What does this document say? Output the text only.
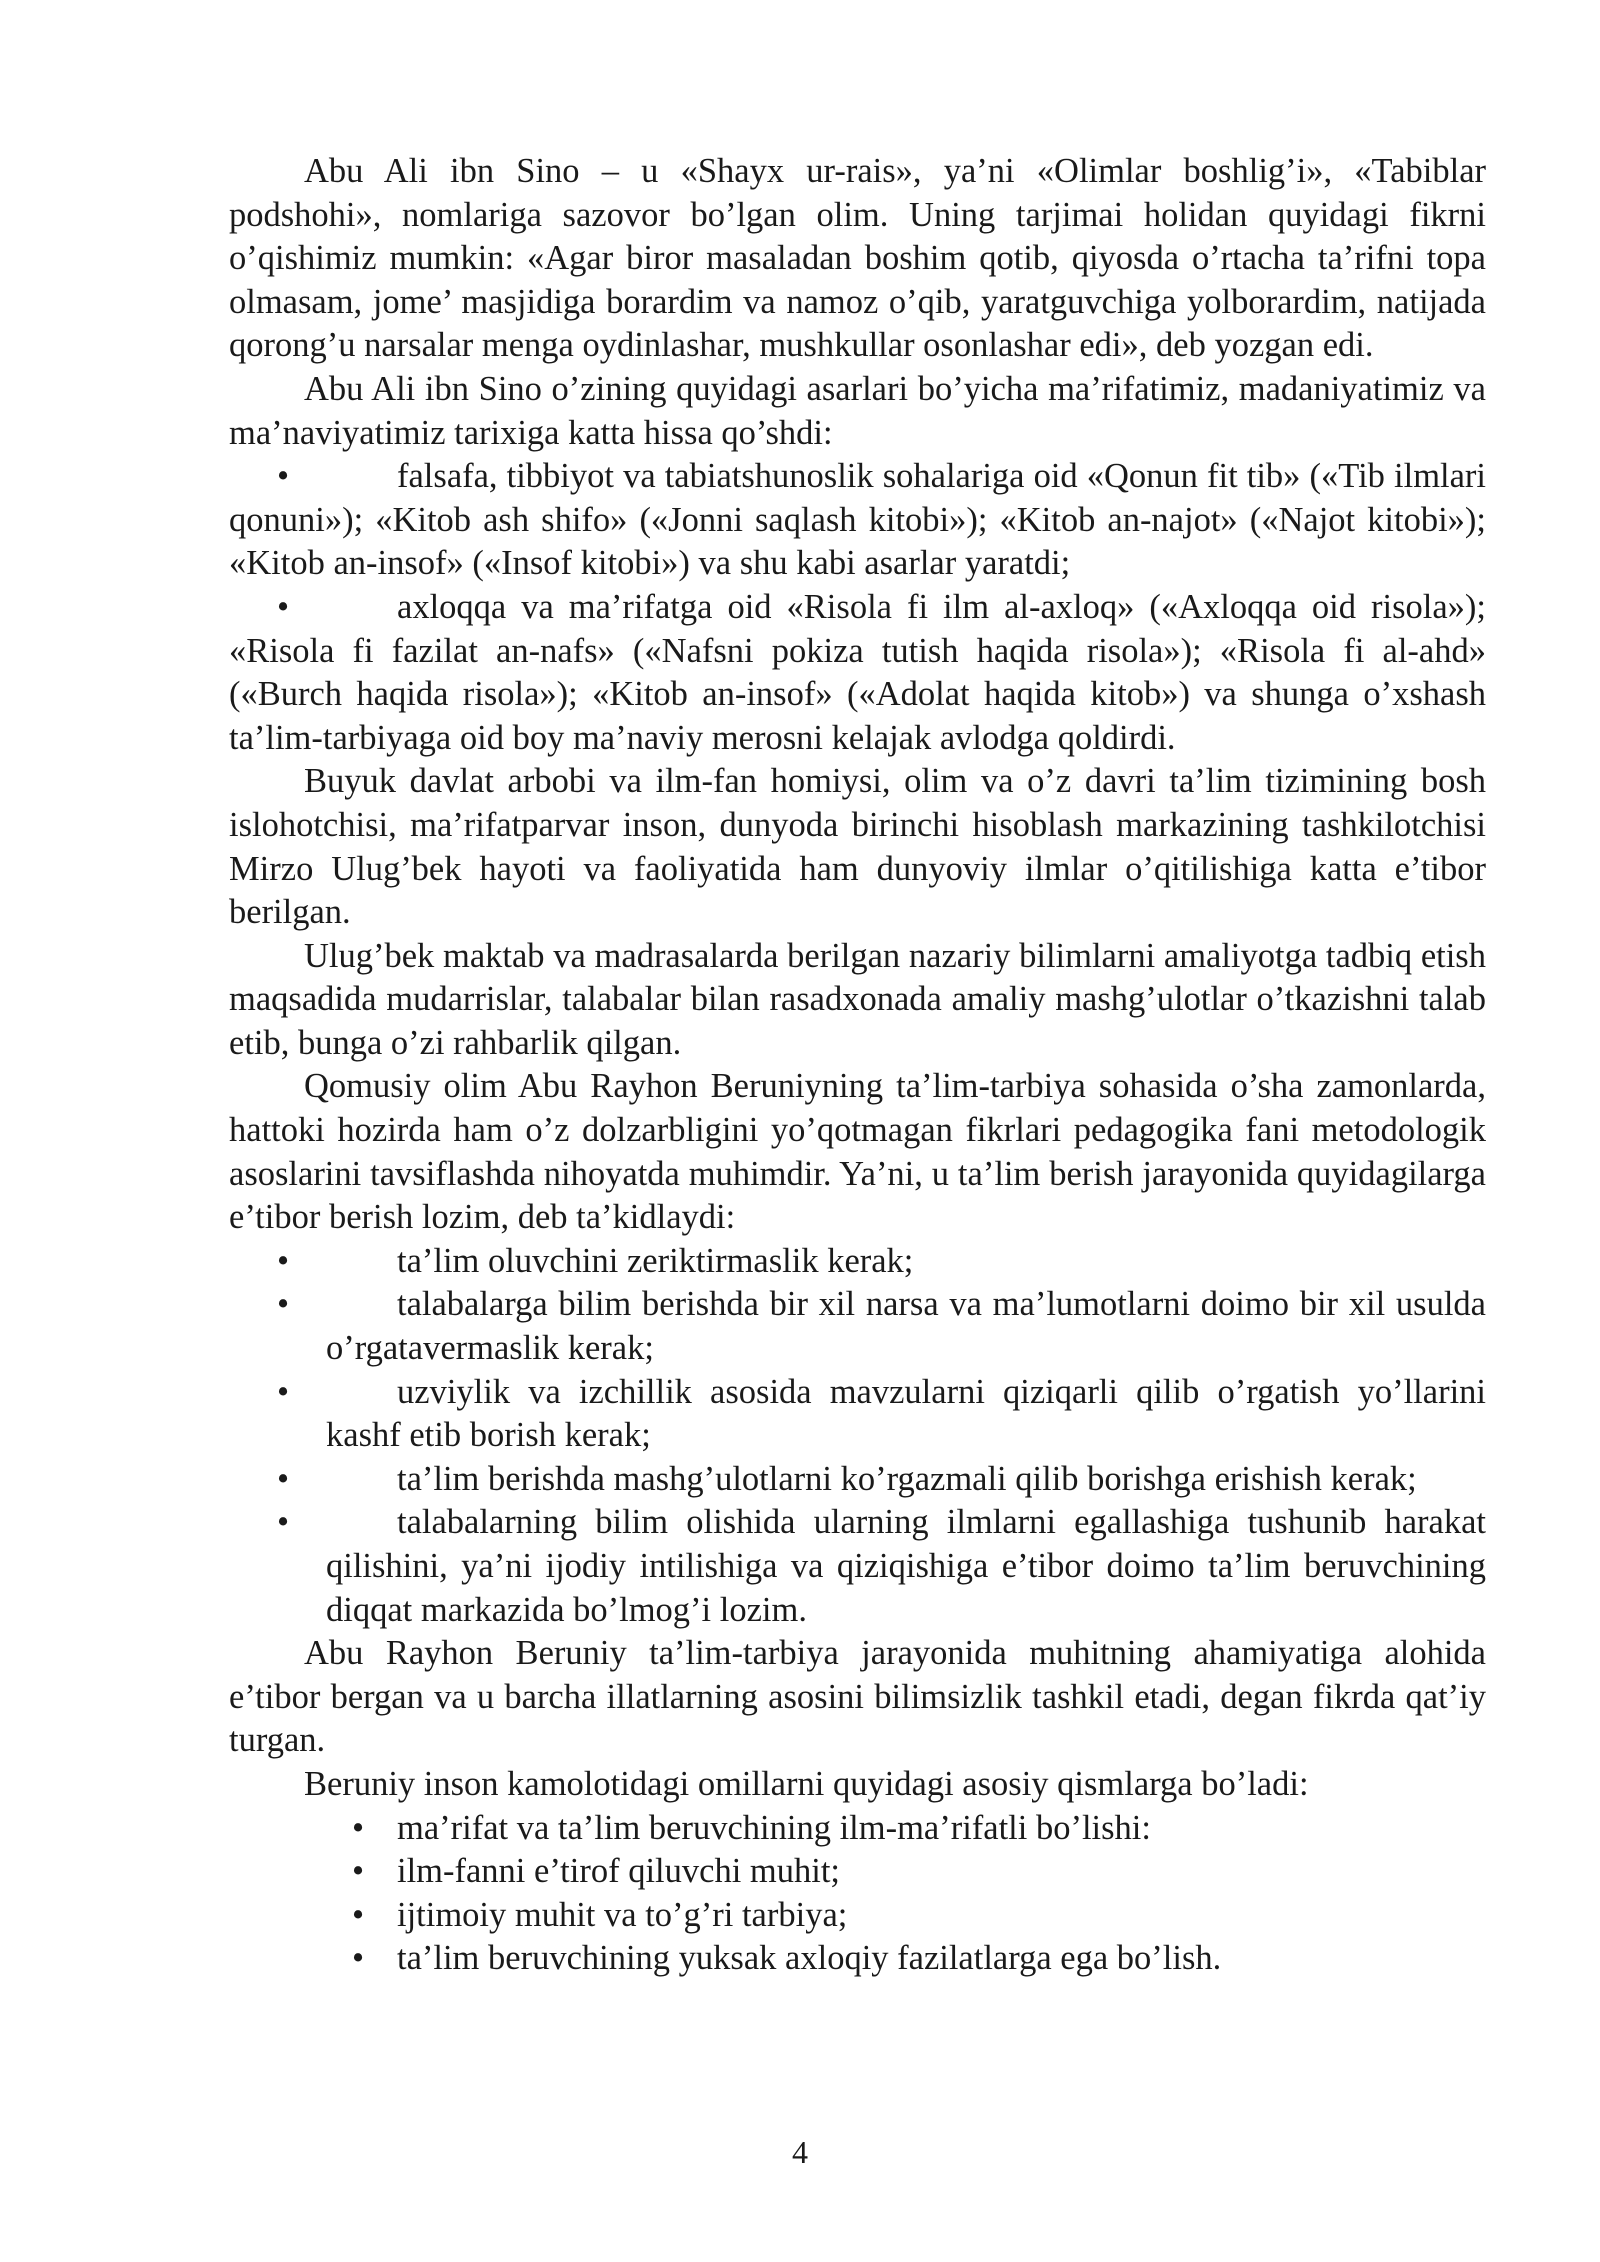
Abu Ali ibn Sino – u «Shayx ur-rais», ya’ni «Olimlar boshlig’i», «Tabiblar podshohi», nomlariga sazovor bo’lgan olim. Uning tarjimai holidan quyidagi fikrni o’qishimiz mumkin: «Agar biror masaladan boshim qotib, qiyosda o’rtacha ta’rifni topa olmasam, jome’ masjidiga borardim va namoz o’qib, yaratguvchiga yolborardim, natijada qorong’u narsalar menga oydinlashar, mushkullar osonlashar edi», deb yozgan edi.

Abu Ali ibn Sino o’zining quyidagi asarlari bo’yicha ma’rifatimiz, madaniyatimiz va ma’naviyatimiz tarixiga katta hissa qo’shdi:

•	falsafa, tibbiyot va tabiatshunoslik sohalariga oid «Qonun fit tib» («Tib ilmlari qonuni»); «Kitob ash shifo» («Jonni saqlash kitobi»); «Kitob an-najot» («Najot kitobi»); «Kitob an-insof» («Insof kitobi») va shu kabi asarlar yaratdi;

•	axloqqa va ma’rifatga oid «Risola fi ilm al-axloq» («Axloqqa oid risola»); «Risola fi fazilat an-nafs» («Nafsni pokiza tutish haqida risola»); «Risola fi al-ahd» («Burch haqida risola»); «Kitob an-insof» («Adolat haqida kitob») va shunga o’xshash ta’lim-tarbiyaga oid boy ma’naviy merosni kelajak avlodga qoldirdi.

Buyuk davlat arbobi va ilm-fan homiysi, olim va o’z davri ta’lim tizimining bosh islohotchisi, ma’rifatparvar inson, dunyoda birinchi hisoblash markazining tashkilotchisi Mirzo Ulug’bek hayoti va faoliyatida ham dunyoviy ilmlar o’qitilishiga katta e’tibor berilgan.

Ulug’bek maktab va madrasalarda berilgan nazariy bilimlarni amaliyotga tadbiq etish maqsadida mudarrislar, talabalar bilan rasadxonada amaliy mashg’ulotlar o’tkazishni talab etib, bunga o’zi rahbarlik qilgan.

Qomusiy olim Abu Rayhon Beruniyning ta’lim-tarbiya sohasida o’sha zamonlarda, hattoki hozirda ham o’z dolzarbligini yo’qotmagan fikrlari pedagogika fani metodologik asoslarini tavsiflashda nihoyatda muhimdir. Ya’ni, u ta’lim berish jarayonida quyidagilarga e’tibor berish lozim, deb ta’kidlaydi:

•	ta’lim oluvchini zeriktirmaslik kerak;

•	talabalarga bilim berishda bir xil narsa va ma’lumotlarni doimo bir xil usulda o’rgatavermaslik kerak;

•	uzviylik va izchillik asosida mavzularni qiziqarli qilib o’rgatish yo’llarini kashf etib borish kerak;

•	ta’lim berishda mashg’ulotlarni ko’rgazmali qilib borishga erishish kerak;

•	talabalarning bilim olishida ularning ilmlarni egallashiga tushunib harakat qilishini, ya’ni ijodiy intilishiga va qiziqishiga e’tibor doimo ta’lim beruvchining diqqat markazida bo’lmog’i lozim.

Abu Rayhon Beruniy ta’lim-tarbiya jarayonida muhitning ahamiyatiga alohida e’tibor bergan va u barcha illatlarning asosini bilimsizlik tashkil etadi, degan fikrda qat’iy turgan.

Beruniy inson kamolotidagi omillarni quyidagi asosiy qismlarga bo’ladi:

• ma’rifat va ta’lim beruvchining ilm-ma’rifatli bo’lishi:

• ilm-fanni e’tirof qiluvchi muhit;

• ijtimoiy muhit va to’g’ri tarbiya;

• ta’lim beruvchining yuksak axloqiy fazilatlarga ega bo’lish.

4
